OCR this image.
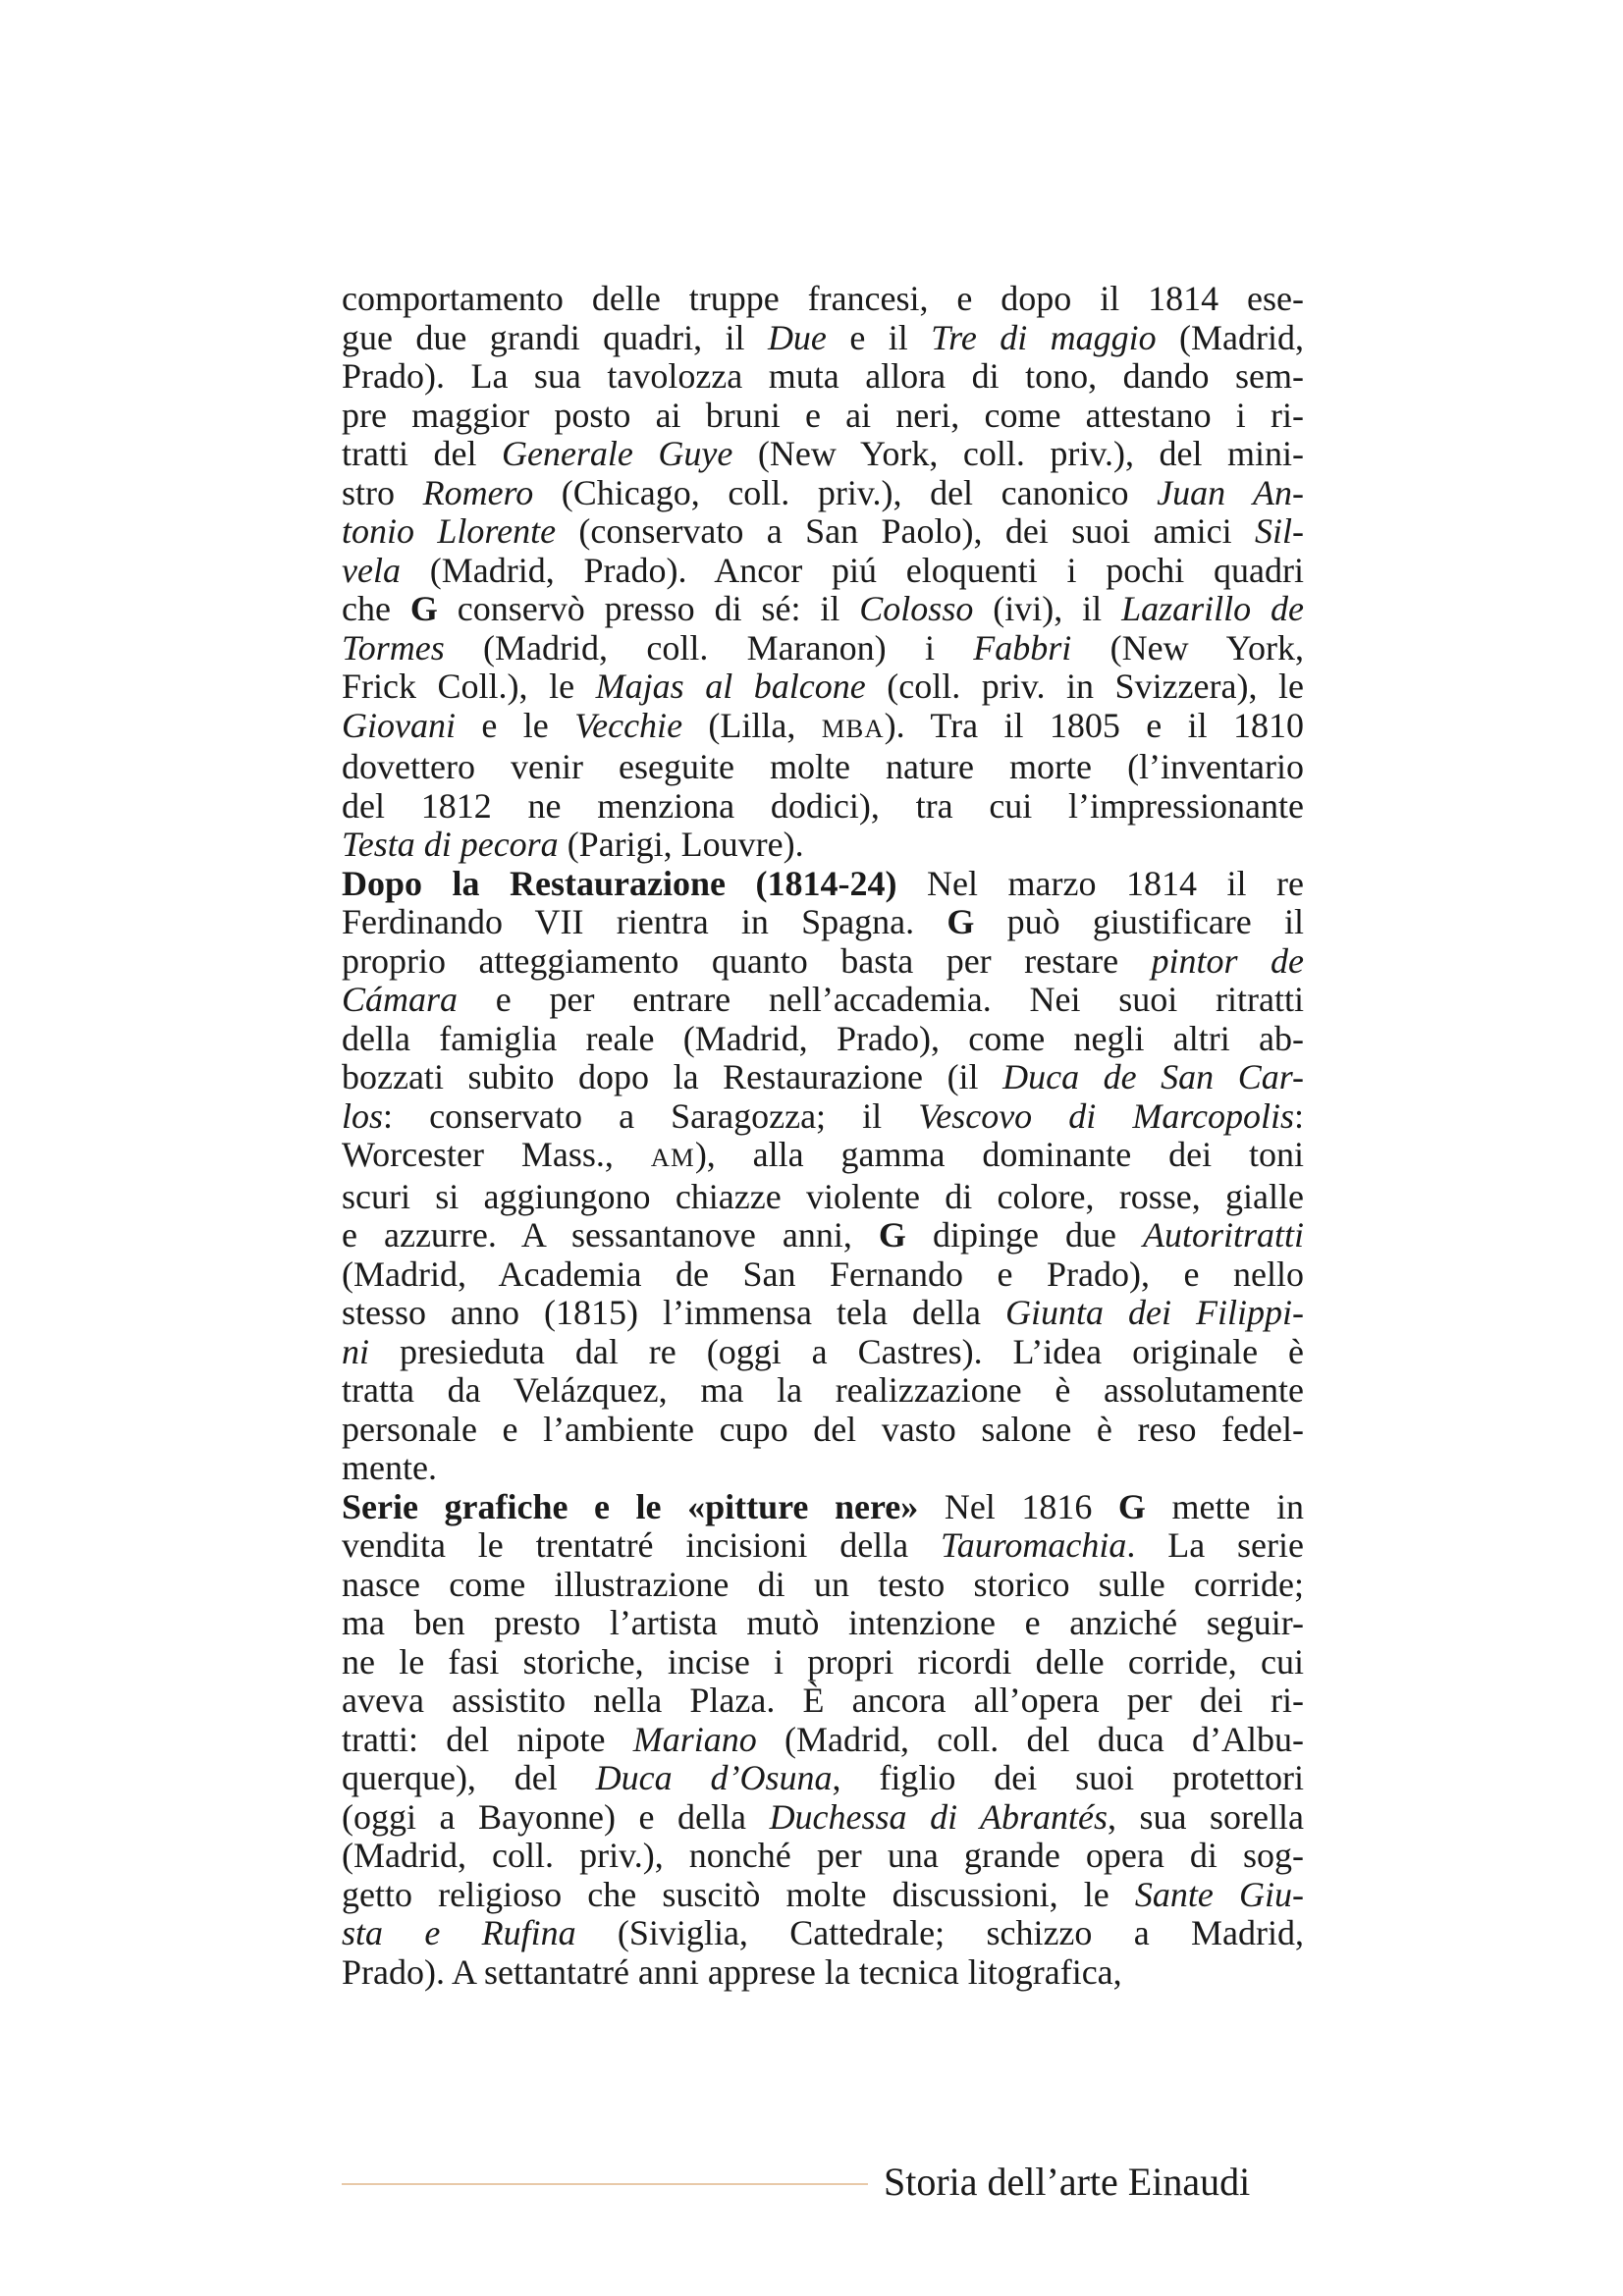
comportamento delle truppe francesi, e dopo il 1814 ese-
gue due grandi quadri, il Due e il Tre di maggio (Madrid,
Prado). La sua tavolozza muta allora di tono, dando sem-
pre maggior posto ai bruni e ai neri, come attestano i ri-
tratti del Generale Guye (New York, coll. priv.), del mini-
stro Romero (Chicago, coll. priv.), del canonico Juan An-
tonio Llorente (conservato a San Paolo), dei suoi amici Sil-
vela (Madrid, Prado). Ancor piú eloquenti i pochi quadri
che G conservò presso di sé: il Colosso (ivi), il Lazarillo de
Tormes (Madrid, coll. Maranon) i Fabbri (New York,
Frick Coll.), le Majas al balcone (coll. priv. in Svizzera), le
Giovani e le Vecchie (Lilla, MBA). Tra il 1805 e il 1810
dovettero venir eseguite molte nature morte (l’inventario
del 1812 ne menziona dodici), tra cui l’impressionante
Testa di pecora (Parigi, Louvre).
Dopo la Restaurazione (1814-24) Nel marzo 1814 il re
Ferdinando VII rientra in Spagna. G può giustificare il
proprio atteggiamento quanto basta per restare pintor de
Cámara e per entrare nell’accademia. Nei suoi ritratti
della famiglia reale (Madrid, Prado), come negli altri ab-
bozzati subito dopo la Restaurazione (il Duca de San Car-
los: conservato a Saragozza; il Vescovo di Marcopolis:
Worcester Mass., AM), alla gamma dominante dei toni
scuri si aggiungono chiazze violente di colore, rosse, gialle
e azzurre. A sessantanove anni, G dipinge due Autoritratti
(Madrid, Academia de San Fernando e Prado), e nello
stesso anno (1815) l’immensa tela della Giunta dei Filippi-
ni presieduta dal re (oggi a Castres). L’idea originale è
tratta da Velázquez, ma la realizzazione è assolutamente
personale e l’ambiente cupo del vasto salone è reso fedel-
mente.
Serie grafiche e le «pitture nere» Nel 1816 G mette in
vendita le trentatré incisioni della Tauromachia. La serie
nasce come illustrazione di un testo storico sulle corride;
ma ben presto l’artista mutò intenzione e anziché seguir-
ne le fasi storiche, incise i propri ricordi delle corride, cui
aveva assistito nella Plaza. È ancora all’opera per dei ri-
tratti: del nipote Mariano (Madrid, coll. del duca d’Albu-
querque), del Duca d’Osuna, figlio dei suoi protettori
(oggi a Bayonne) e della Duchessa di Abrantés, sua sorella
(Madrid, coll. priv.), nonché per una grande opera di sog-
getto religioso che suscitò molte discussioni, le Sante Giu-
sta e Rufina (Siviglia, Cattedrale; schizzo a Madrid,
Prado). A settantatré anni apprese la tecnica litografica,
Storia dell’arte Einaudi
